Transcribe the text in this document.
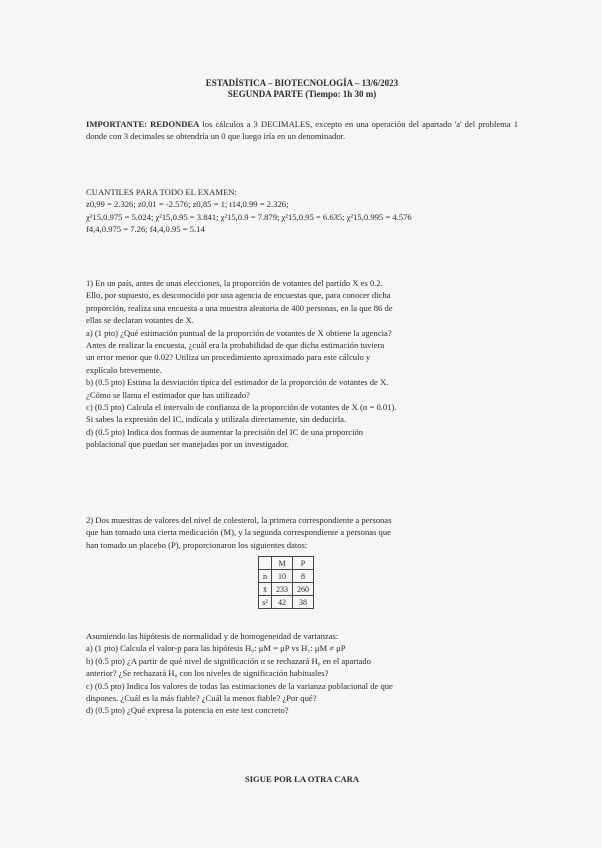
ESTADÍSTICA – BIOTECNOLOGÍA – 13/6/2023
SEGUNDA PARTE (Tiempo: 1h 30 m)
IMPORTANTE: REDONDEA los cálculos a 3 DECIMALES, excepto en una operación del apartado 'a' del problema 1 donde con 3 decimales se obtendría un 0 que luego iría en un denominador.
CUANTILES PARA TODO EL EXAMEN:
z0,99 = 2.326; z0,01 = -2.576; z0,85 = 1; t14,0.99 = 2.326;
χ²15,0.975 = 5.024; χ²15,0.95 = 3.841; χ²15,0.9 = 7.879; χ²15,0.95 = 6.635; χ²15,0.995 = 4.576
f4,4,0.975 = 7.26; f4,4,0.95 = 5.14
1) En un país, antes de unas elecciones, la proporción de votantes del partido X es 0.2.
Ello, por supuesto, es desconocido por una agencia de encuestas que, para conocer dicha
proporción, realiza una encuesta a una muestra aleatoria de 400 personas, en la que 86 de
ellas se declaran votantes de X.
a) (1 pto) ¿Qué estimación puntual de la proporción de votantes de X obtiene la agencia?
Antes de realizar la encuesta, ¿cuál era la probabilidad de que dicha estimación tuviera
un error menor que 0.02? Utiliza un procedimiento aproximado para este cálculo y
explícalo brevemente.
b) (0.5 pto) Estima la desviación típica del estimador de la proporción de votantes de X.
¿Cómo se llama el estimador que has utilizado?
c) (0.5 pto) Calcula el intervalo de confianza de la proporción de votantes de X (α = 0.01).
Si sabes la expresión del IC, indícala y utilízala directamente, sin deducirla.
d) (0.5 pto) Indica dos formas de aumentar la precisión del IC de una proporción
poblacional que puedan ser manejadas por un investigador.
2) Dos muestras de valores del nivel de colesterol, la primera correspondiente a personas
que han tomado una cierta medicación (M), y la segunda correspondiente a personas que
han tomado un placebo (P), proporcionaron los siguientes datos:
	M	P
n	10	8
x̄	233	260
s²	42	38
Asumiendo las hipótesis de normalidad y de homogeneidad de varianzas:
a) (1 pto) Calcula el valor-p para las hipótesis H₀: μM = μP vs H₁: μM ≠ μP
b) (0.5 pto) ¿A partir de qué nivel de significación α se rechazará H₀ en el apartado
anterior? ¿Se rechazará H₀ con los niveles de significación habituales?
c) (0.5 pto) Indica los valores de todas las estimaciones de la varianza poblacional de que
dispones. ¿Cuál es la más fiable? ¿Cuál la menos fiable? ¿Por qué?
d) (0.5 pto) ¿Qué expresa la potencia en este test concreto?
SIGUE POR LA OTRA CARA
